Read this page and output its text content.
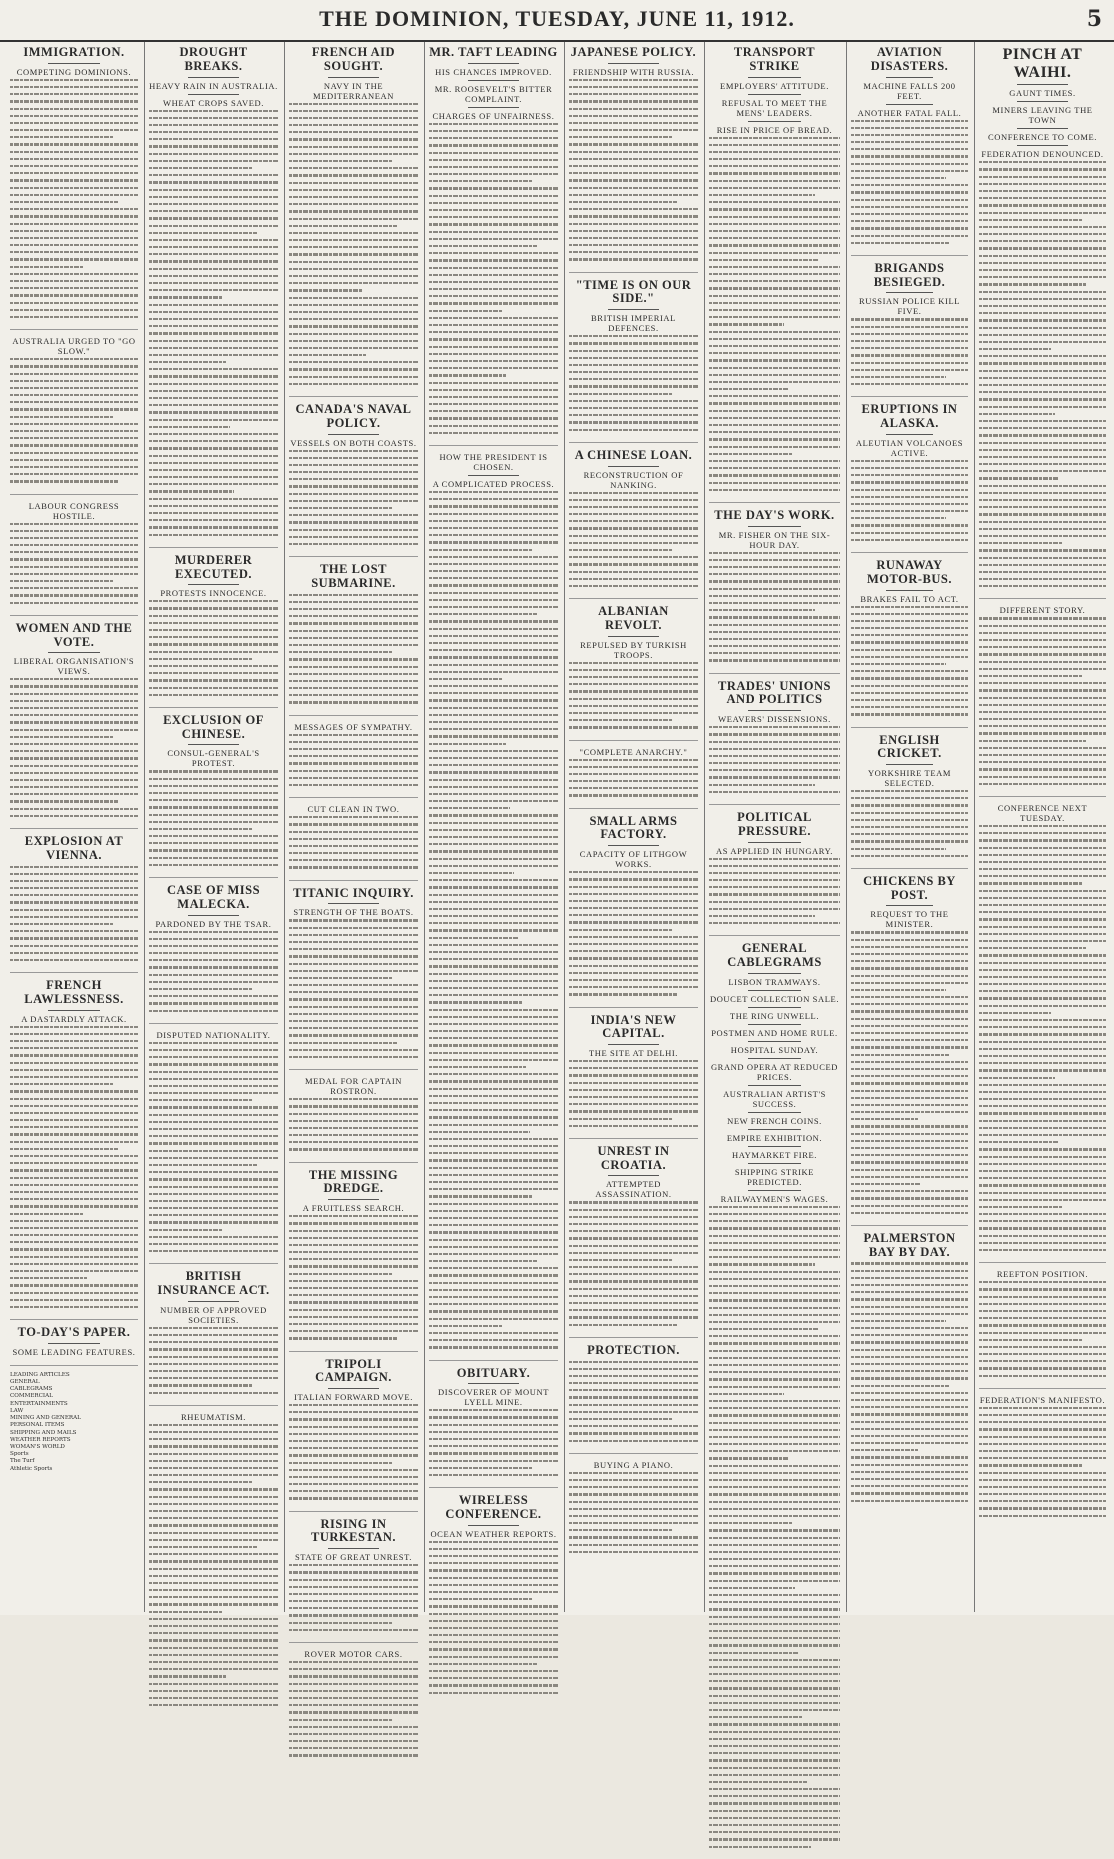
THE DOMINION, TUESDAY, JUNE 11, 1912.	5
IMMIGRATION.
COMPETING DOMINIONS.
AUSTRALIA URGED TO "GO SLOW."
LABOUR CONGRESS HOSTILE.
WOMEN AND THE VOTE.
LIBERAL ORGANISATION'S VIEWS.
EXPLOSION AT VIENNA.
FRENCH LAWLESSNESS.
A DASTARDLY ATTACK.
TO-DAY'S PAPER.
SOME LEADING FEATURES.
LEADING ARTICLES
GENERAL
CABLEGRAMS
COMMERCIAL
ENTERTAINMENTS
LAW
MINING AND GENERAL
PERSONAL ITEMS
SHIPPING AND MAILS
WEATHER REPORTS
WOMAN'S WORLD
Sports
The Turf
Athletic Sports
DROUGHT BREAKS.
HEAVY RAIN IN AUSTRALIA.
WHEAT CROPS SAVED.
MURDERER EXECUTED.
PROTESTS INNOCENCE.
EXCLUSION OF CHINESE.
CONSUL-GENERAL'S PROTEST.
CASE OF MISS MALECKA.
PARDONED BY THE TSAR.
DISPUTED NATIONALITY.
BRITISH INSURANCE ACT.
NUMBER OF APPROVED SOCIETIES.
RHEUMATISM.
FRENCH AID SOUGHT.
NAVY IN THE MEDITERRANEAN
CANADA'S NAVAL POLICY.
VESSELS ON BOTH COASTS.
THE LOST SUBMARINE.
MESSAGES OF SYMPATHY.
CUT CLEAN IN TWO.
TITANIC INQUIRY.
STRENGTH OF THE BOATS.
MEDAL FOR CAPTAIN ROSTRON.
THE MISSING DREDGE.
A FRUITLESS SEARCH.
TRIPOLI CAMPAIGN.
ITALIAN FORWARD MOVE.
RISING IN TURKESTAN.
STATE OF GREAT UNREST.
ROVER MOTOR CARS.
MR. TAFT LEADING
HIS CHANCES IMPROVED.
MR. ROOSEVELT'S BITTER COMPLAINT.
CHARGES OF UNFAIRNESS.
HOW THE PRESIDENT IS CHOSEN.
A COMPLICATED PROCESS.
OBITUARY.
DISCOVERER OF MOUNT LYELL MINE.
WIRELESS CONFERENCE.
OCEAN WEATHER REPORTS.
JAPANESE POLICY.
FRIENDSHIP WITH RUSSIA.
"TIME IS ON OUR SIDE."
BRITISH IMPERIAL DEFENCES.
A CHINESE LOAN.
RECONSTRUCTION OF NANKING.
ALBANIAN REVOLT.
REPULSED BY TURKISH TROOPS.
"COMPLETE ANARCHY."
SMALL ARMS FACTORY.
CAPACITY OF LITHGOW WORKS.
INDIA'S NEW CAPITAL.
THE SITE AT DELHI.
UNREST IN CROATIA.
ATTEMPTED ASSASSINATION.
PROTECTION.
BUYING A PIANO.
TRANSPORT STRIKE
EMPLOYERS' ATTITUDE.
REFUSAL TO MEET THE MENS' LEADERS.
RISE IN PRICE OF BREAD.
THE DAY'S WORK.
MR. FISHER ON THE SIX-HOUR DAY.
TRADES' UNIONS AND POLITICS
WEAVERS' DISSENSIONS.
POLITICAL PRESSURE.
AS APPLIED IN HUNGARY.
GENERAL CABLEGRAMS
LISBON TRAMWAYS.
DOUCET COLLECTION SALE.
THE RING UNWELL.
POSTMEN AND HOME RULE.
HOSPITAL SUNDAY.
GRAND OPERA AT REDUCED PRICES.
AUSTRALIAN ARTIST'S SUCCESS.
NEW FRENCH COINS.
EMPIRE EXHIBITION.
HAYMARKET FIRE.
SHIPPING STRIKE PREDICTED.
RAILWAYMEN'S WAGES.
AVIATION DISASTERS.
MACHINE FALLS 200 FEET.
ANOTHER FATAL FALL.
BRIGANDS BESIEGED.
RUSSIAN POLICE KILL FIVE.
ERUPTIONS IN ALASKA.
ALEUTIAN VOLCANOES ACTIVE.
RUNAWAY MOTOR-BUS.
BRAKES FAIL TO ACT.
ENGLISH CRICKET.
YORKSHIRE TEAM SELECTED.
CHICKENS BY POST.
REQUEST TO THE MINISTER.
PALMERSTON BAY BY DAY.
PINCH AT WAIHI.
GAUNT TIMES.
MINERS LEAVING THE TOWN
CONFERENCE TO COME.
FEDERATION DENOUNCED.
DIFFERENT STORY.
CONFERENCE NEXT TUESDAY.
REEFTON POSITION.
FEDERATION'S MANIFESTO.
